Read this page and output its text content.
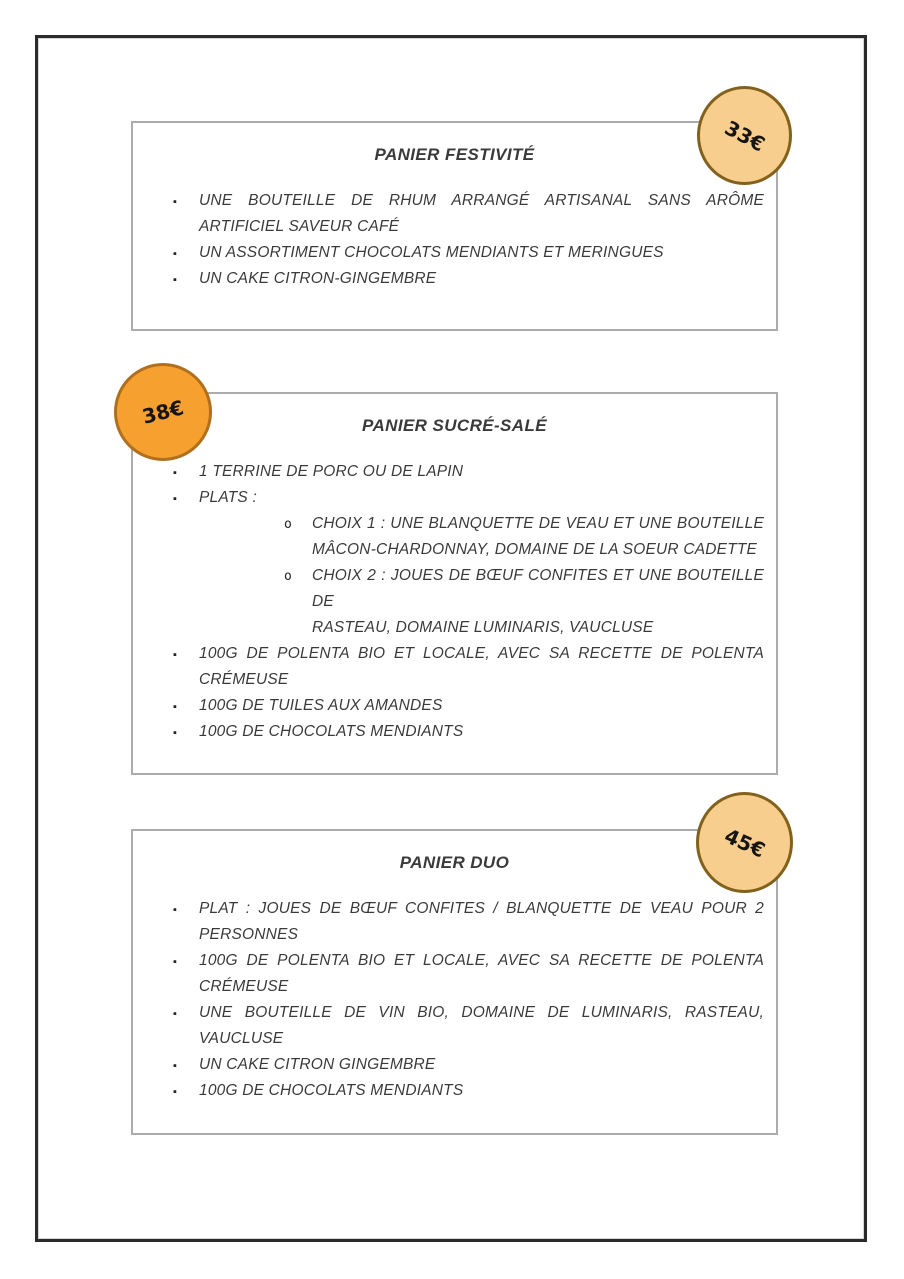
PANIER FESTIVITÉ
▪
UNE BOUTEILLE DE RHUM ARRANGÉ ARTISANAL SANS ARÔME
ARTIFICIEL SAVEUR CAFÉ
▪
UN ASSORTIMENT CHOCOLATS MENDIANTS ET MERINGUES
▪
UN CAKE CITRON-GINGEMBRE
PANIER SUCRÉ-SALÉ
▪
1 TERRINE DE PORC OU DE LAPIN
▪
PLATS :
o
CHOIX 1 : UNE BLANQUETTE DE VEAU ET UNE BOUTEILLE
MÂCON-CHARDONNAY, DOMAINE DE LA SOEUR CADETTE
o
CHOIX 2 : JOUES DE BŒUF CONFITES ET UNE BOUTEILLE DE
RASTEAU, DOMAINE LUMINARIS, VAUCLUSE
▪
100G DE POLENTA BIO ET LOCALE, AVEC SA RECETTE DE POLENTA
CRÉMEUSE
▪
100G DE TUILES AUX AMANDES
▪
100G DE CHOCOLATS MENDIANTS
PANIER DUO
▪
PLAT : JOUES DE BŒUF CONFITES / BLANQUETTE DE VEAU POUR 2
PERSONNES
▪
100G DE POLENTA BIO ET LOCALE, AVEC SA RECETTE DE POLENTA
CRÉMEUSE
▪
UNE BOUTEILLE DE VIN BIO, DOMAINE DE LUMINARIS, RASTEAU,
VAUCLUSE
▪
UN CAKE CITRON GINGEMBRE
▪
100G DE CHOCOLATS MENDIANTS
33€
38€
45€
